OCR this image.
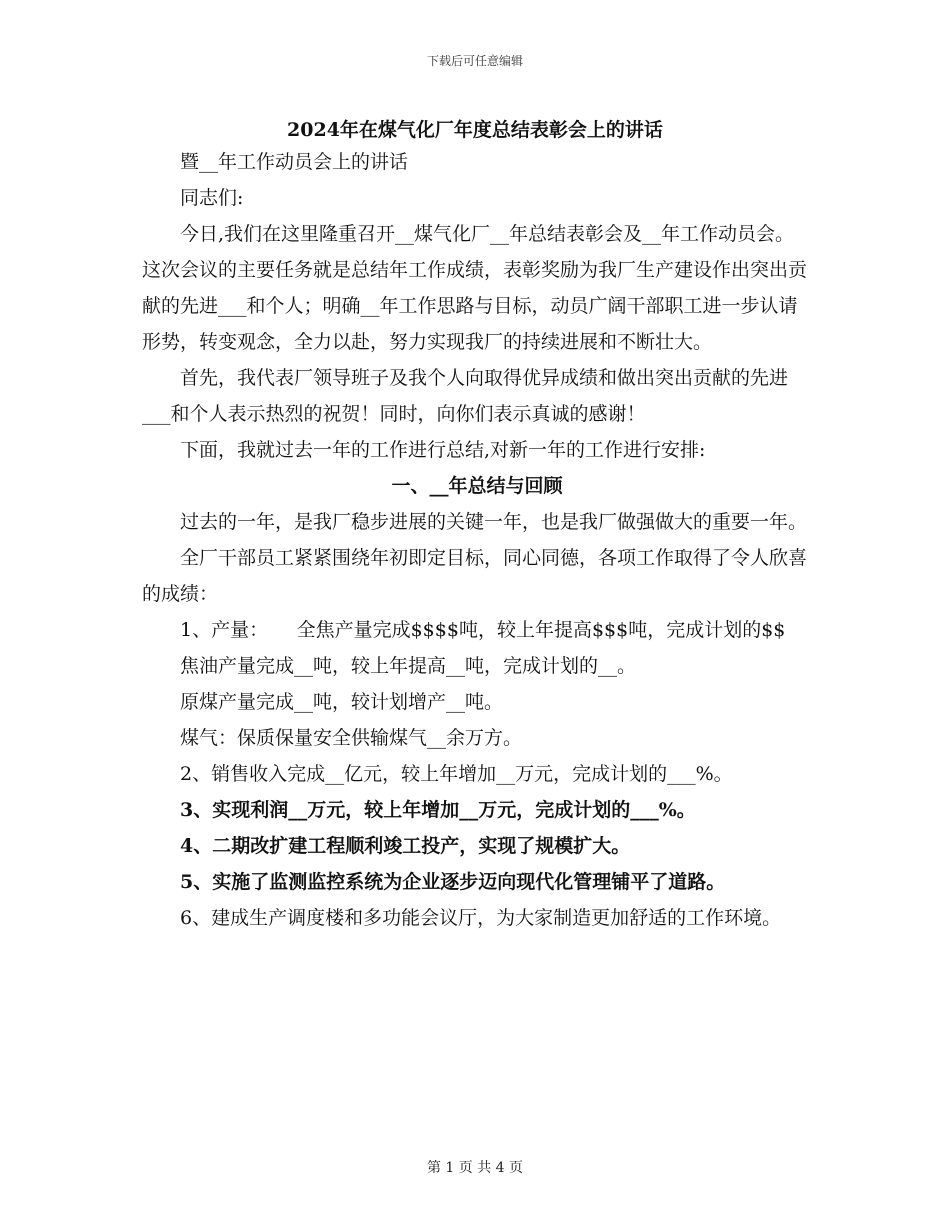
下载后可任意编辑
2024年在煤气化厂年度总结表彰会上的讲话

暨__年工作动员会上的讲话

同志们:

今日,我们在这里隆重召开__煤气化厂__年总结表彰会及__年工作动员会。这次会议的主要任务就是总结年工作成绩，表彰奖励为我厂生产建设作出突出贡献的先进___和个人；明确__年工作思路与目标，动员广阔干部职工进一步认请形势，转变观念，全力以赴，努力实现我厂的持续进展和不断壮大。

首先，我代表厂领导班子及我个人向取得优异成绩和做出突出贡献的先进___和个人表示热烈的祝贺！同时，向你们表示真诚的感谢！

下面，我就过去一年的工作进行总结,对新一年的工作进行安排:

一、__年总结与回顾

过去的一年，是我厂稳步进展的关键一年，也是我厂做强做大的重要一年。

全厂干部员工紧紧围绕年初即定目标，同心同德，各项工作取得了令人欣喜的成绩：

1、产量：　　全焦产量完成$$$$吨，较上年提高$$$吨，完成计划的$$

焦油产量完成__吨，较上年提高__吨，完成计划的__。

原煤产量完成__吨，较计划增产__吨。

煤气：保质保量安全供输煤气__余万方。

2、销售收入完成__亿元，较上年增加__万元，完成计划的___%。

3、实现利润__万元，较上年增加__万元，完成计划的___%。

4、二期改扩建工程顺利竣工投产，实现了规模扩大。

5、实施了监测监控系统为企业逐步迈向现代化管理铺平了道路。

6、建成生产调度楼和多功能会议厅，为大家制造更加舒适的工作环境。

第 1 页 共 4 页
